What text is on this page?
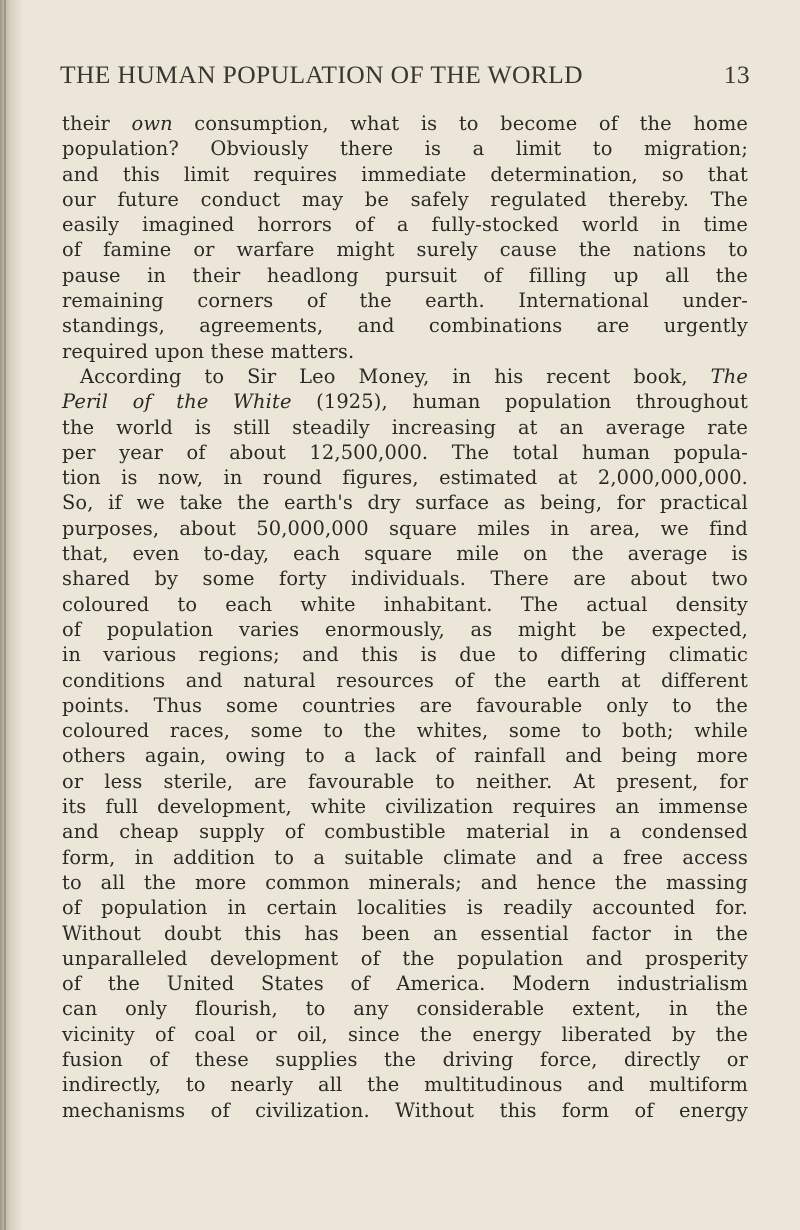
THE HUMAN POPULATION OF THE WORLD	13
their own consumption, what is to become of the home
population? Obviously there is a limit to migration;
and this limit requires immediate determination, so that
our future conduct may be safely regulated thereby. The
easily imagined horrors of a fully-stocked world in time
of famine or warfare might surely cause the nations to
pause in their headlong pursuit of filling up all the
remaining corners of the earth. International under-
standings, agreements, and combinations are urgently
required upon these matters.
According to Sir Leo Money, in his recent book, The
Peril of the White (1925), human population throughout
the world is still steadily increasing at an average rate
per year of about 12,500,000. The total human popula-
tion is now, in round figures, estimated at 2,000,000,000.
So, if we take the earth's dry surface as being, for practical
purposes, about 50,000,000 square miles in area, we find
that, even to-day, each square mile on the average is
shared by some forty individuals. There are about two
coloured to each white inhabitant. The actual density
of population varies enormously, as might be expected,
in various regions; and this is due to differing climatic
conditions and natural resources of the earth at different
points. Thus some countries are favourable only to the
coloured races, some to the whites, some to both; while
others again, owing to a lack of rainfall and being more
or less sterile, are favourable to neither. At present, for
its full development, white civilization requires an immense
and cheap supply of combustible material in a condensed
form, in addition to a suitable climate and a free access
to all the more common minerals; and hence the massing
of population in certain localities is readily accounted for.
Without doubt this has been an essential factor in the
unparalleled development of the population and prosperity
of the United States of America. Modern industrialism
can only flourish, to any considerable extent, in the
vicinity of coal or oil, since the energy liberated by the
fusion of these supplies the driving force, directly or
indirectly, to nearly all the multitudinous and multiform
mechanisms of civilization. Without this form of energy
